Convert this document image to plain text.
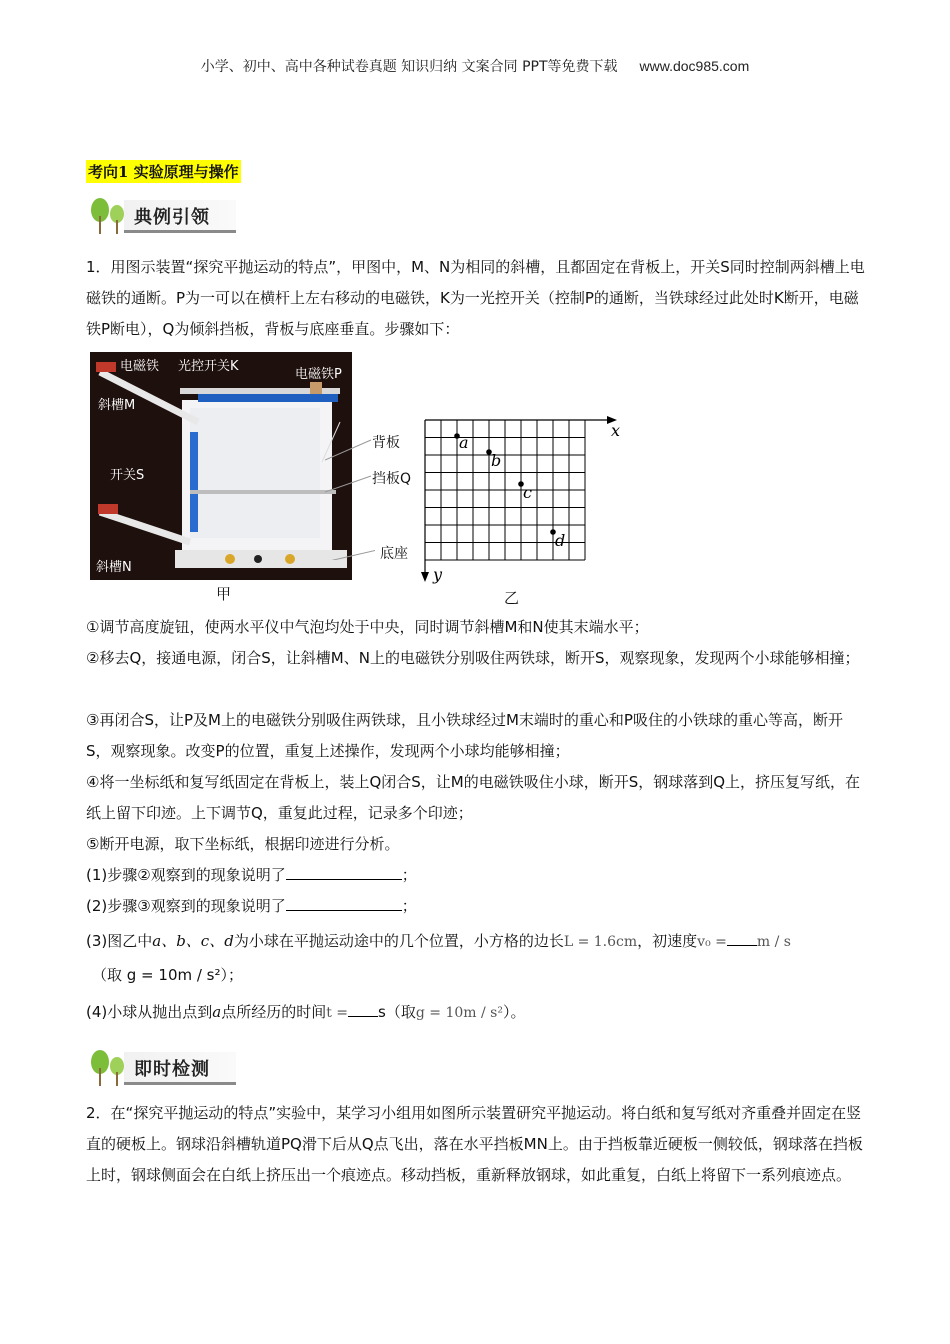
小学、初中、高中各种试卷真题 知识归纳 文案合同 PPT等免费下载 www.doc985.com
考向1 实验原理与操作
典例引领
1．用图示装置“探究平抛运动的特点”，甲图中，M、N为相同的斜槽，且都固定在背板上，开关S同时控制两斜槽上电磁铁的通断。P为一可以在横杆上左右移动的电磁铁，K为一光控开关（控制P的通断，当铁球经过此处时K断开，电磁铁P断电），Q为倾斜挡板，背板与底座垂直。步骤如下：
电磁铁 光控开关K
电磁铁P
斜槽M
开关S
斜槽N
背板
挡板Q
底座
甲
x
y
a
b
c
d
乙
①调节高度旋钮，使两水平仪中气泡均处于中央，同时调节斜槽M和N使其末端水平；
②移去Q，接通电源，闭合S，让斜槽M、N上的电磁铁分别吸住两铁球，断开S，观察现象，发现两个小球能够相撞；
③再闭合S，让P及M上的电磁铁分别吸住两铁球，且小铁球经过M末端时的重心和P吸住的小铁球的重心等高，断开S，观察现象。改变P的位置，重复上述操作，发现两个小球均能够相撞；
④将一坐标纸和复写纸固定在背板上，装上Q闭合S，让M的电磁铁吸住小球，断开S，钢球落到Q上，挤压复写纸，在纸上留下印迹。上下调节Q，重复此过程，记录多个印迹；
⑤断开电源，取下坐标纸，根据印迹进行分析。
(1)步骤②观察到的现象说明了	；
(2)步骤③观察到的现象说明了	；
(3)图乙中a、b、c、d为小球在平抛运动途中的几个位置，小方格的边长L = 1.6cm，初速度v₀ = m / s
（取 g = 10m / s²）；
(4)小球从抛出点到a点所经历的时间t = s（取g = 10m / s²）。
即时检测
2．在“探究平抛运动的特点”实验中，某学习小组用如图所示装置研究平抛运动。将白纸和复写纸对齐重叠并固定在竖直的硬板上。钢球沿斜槽轨道PQ滑下后从Q点飞出，落在水平挡板MN上。由于挡板靠近硬板一侧较低，钢球落在挡板上时，钢球侧面会在白纸上挤压出一个痕迹点。移动挡板，重新释放钢球，如此重复，白纸上将留下一系列痕迹点。
